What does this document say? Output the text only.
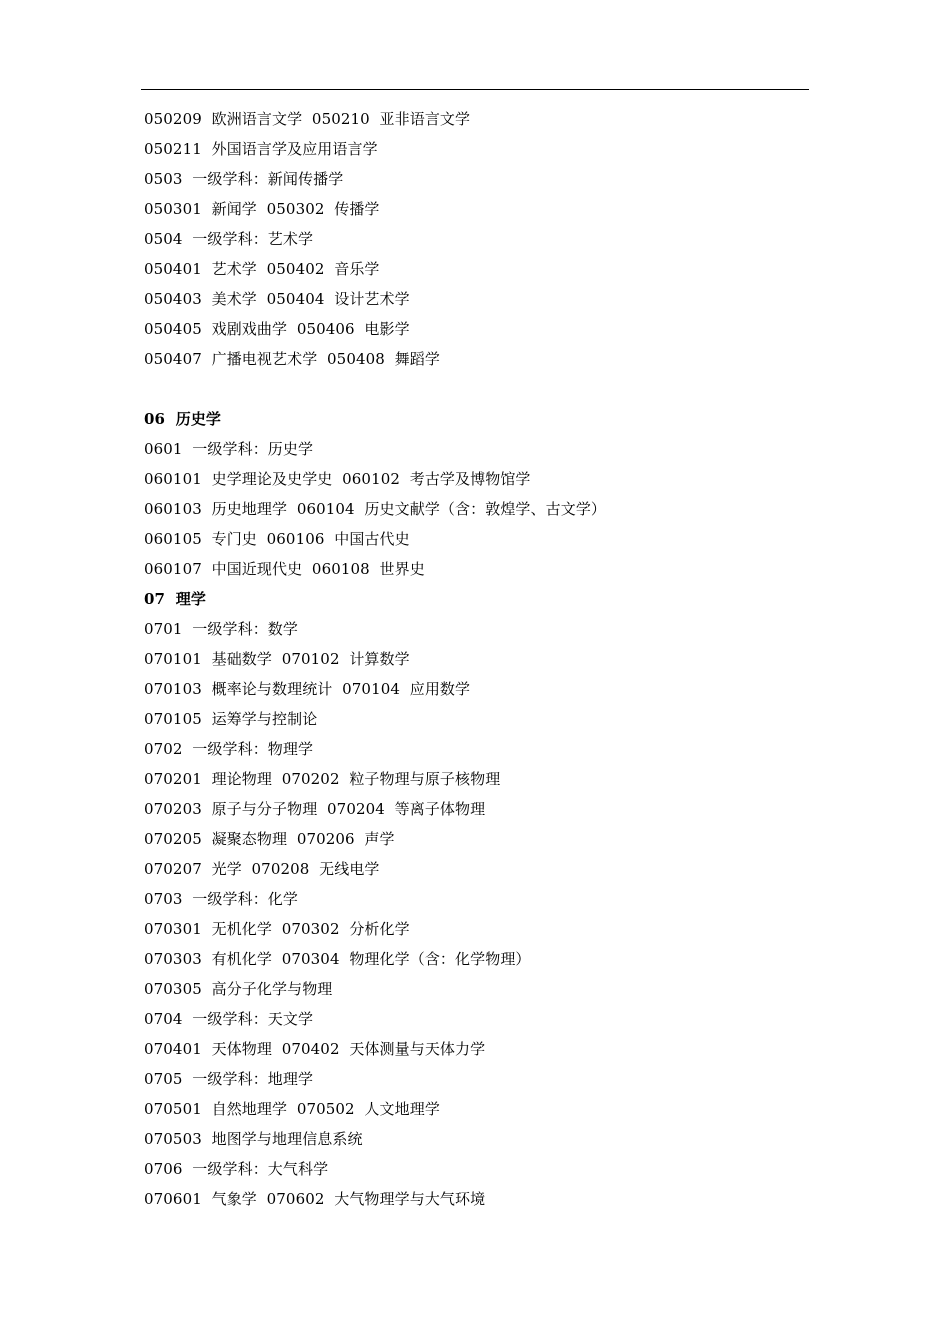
050209  欧洲语言文学  050210  亚非语言文学
050211  外国语言学及应用语言学
0503  一级学科：新闻传播学
050301  新闻学  050302  传播学
0504  一级学科：艺术学
050401  艺术学  050402  音乐学
050403  美术学  050404  设计艺术学
050405  戏剧戏曲学  050406  电影学
050407  广播电视艺术学  050408  舞蹈学
06  历史学
0601  一级学科：历史学
060101  史学理论及史学史  060102  考古学及博物馆学
060103  历史地理学  060104  历史文献学（含：敦煌学、古文学）
060105  专门史  060106  中国古代史
060107  中国近现代史  060108  世界史
07  理学
0701  一级学科：数学
070101  基础数学  070102  计算数学
070103  概率论与数理统计  070104  应用数学
070105  运筹学与控制论
0702  一级学科：物理学
070201  理论物理  070202  粒子物理与原子核物理
070203  原子与分子物理  070204  等离子体物理
070205  凝聚态物理  070206  声学
070207  光学  070208  无线电学
0703  一级学科：化学
070301  无机化学  070302  分析化学
070303  有机化学  070304  物理化学（含：化学物理）
070305  高分子化学与物理
0704  一级学科：天文学
070401  天体物理  070402  天体测量与天体力学
0705  一级学科：地理学
070501  自然地理学  070502  人文地理学
070503  地图学与地理信息系统
0706  一级学科：大气科学
070601  气象学  070602  大气物理学与大气环境
